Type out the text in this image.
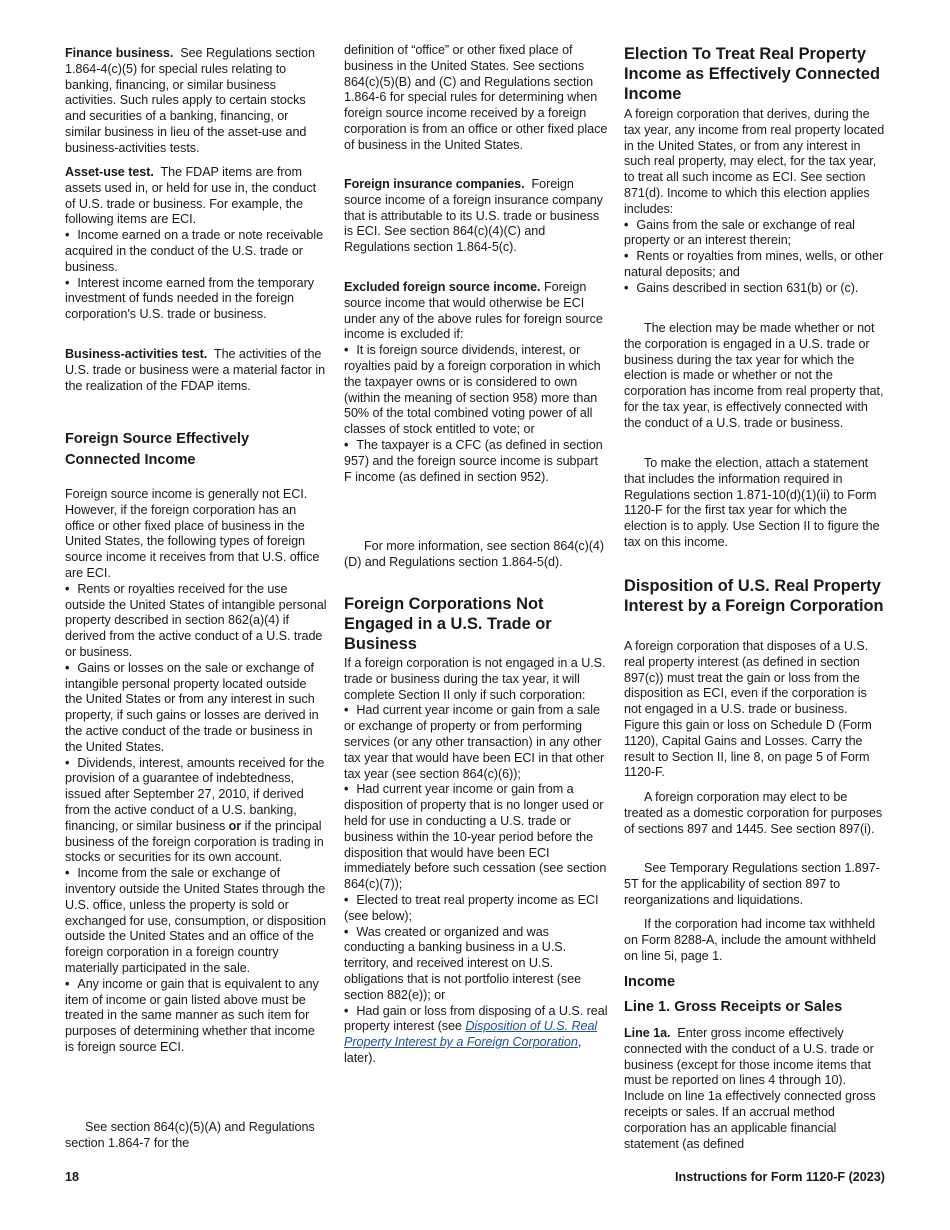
Finance business. See Regulations section 1.864-4(c)(5) for special rules relating to banking, financing, or similar business activities. Such rules apply to certain stocks and securities of a banking, financing, or similar business in lieu of the asset-use and business-activities tests.

Asset-use test. The FDAP items are from assets used in, or held for use in, the conduct of U.S. trade or business. For example, the following items are ECI.
• Income earned on a trade or note receivable acquired in the conduct of the U.S. trade or business.
• Interest income earned from the temporary investment of funds needed in the foreign corporation's U.S. trade or business.

Business-activities test. The activities of the U.S. trade or business were a material factor in the realization of the FDAP items.

Foreign Source Effectively Connected Income

Foreign source income is generally not ECI. However, if the foreign corporation has an office or other fixed place of business in the United States, the following types of foreign source income it receives from that U.S. office are ECI.
• Rents or royalties received for the use outside the United States of intangible personal property described in section 862(a)(4) if derived from the active conduct of a U.S. trade or business.
• Gains or losses on the sale or exchange of intangible personal property located outside the United States or from any interest in such property, if such gains or losses are derived in the active conduct of the trade or business in the United States.
• Dividends, interest, amounts received for the provision of a guarantee of indebtedness, issued after September 27, 2010, if derived from the active conduct of a U.S. banking, financing, or similar business or if the principal business of the foreign corporation is trading in stocks or securities for its own account.
• Income from the sale or exchange of inventory outside the United States through the U.S. office, unless the property is sold or exchanged for use, consumption, or disposition outside the United States and an office of the foreign corporation in a foreign country materially participated in the sale.
• Any income or gain that is equivalent to any item of income or gain listed above must be treated in the same manner as such item for purposes of determining whether that income is foreign source ECI.

See section 864(c)(5)(A) and Regulations section 1.864-7 for the

definition of “office” or other fixed place of business in the United States. See sections 864(c)(5)(B) and (C) and Regulations section 1.864-6 for special rules for determining when foreign source income received by a foreign corporation is from an office or other fixed place of business in the United States.

Foreign insurance companies. Foreign source income of a foreign insurance company that is attributable to its U.S. trade or business is ECI. See section 864(c)(4)(C) and Regulations section 1.864-5(c).

Excluded foreign source income. Foreign source income that would otherwise be ECI under any of the above rules for foreign source income is excluded if:
• It is foreign source dividends, interest, or royalties paid by a foreign corporation in which the taxpayer owns or is considered to own (within the meaning of section 958) more than 50% of the total combined voting power of all classes of stock entitled to vote; or
• The taxpayer is a CFC (as defined in section 957) and the foreign source income is subpart F income (as defined in section 952).

For more information, see section 864(c)(4)(D) and Regulations section 1.864-5(d).

Foreign Corporations Not Engaged in a U.S. Trade or Business

If a foreign corporation is not engaged in a U.S. trade or business during the tax year, it will complete Section II only if such corporation:
• Had current year income or gain from a sale or exchange of property or from performing services (or any other transaction) in any other tax year that would have been ECI in that other tax year (see section 864(c)(6));
• Had current year income or gain from a disposition of property that is no longer used or held for use in conducting a U.S. trade or business within the 10-year period before the disposition that would have been ECI immediately before such cessation (see section 864(c)(7));
• Elected to treat real property income as ECI (see below);
• Was created or organized and was conducting a banking business in a U.S. territory, and received interest on U.S. obligations that is not portfolio interest (see section 882(e)); or
• Had gain or loss from disposing of a U.S. real property interest (see Disposition of U.S. Real Property Interest by a Foreign Corporation, later).

Election To Treat Real Property Income as Effectively Connected Income

A foreign corporation that derives, during the tax year, any income from real property located in the United States, or from any interest in such real property, may elect, for the tax year, to treat all such income as ECI. See section 871(d). Income to which this election applies includes:
• Gains from the sale or exchange of real property or an interest therein;
• Rents or royalties from mines, wells, or other natural deposits; and
• Gains described in section 631(b) or (c).

The election may be made whether or not the corporation is engaged in a U.S. trade or business during the tax year for which the election is made or whether or not the corporation has income from real property that, for the tax year, is effectively connected with the conduct of a U.S. trade or business.

To make the election, attach a statement that includes the information required in Regulations section 1.871-10(d)(1)(ii) to Form 1120-F for the first tax year for which the election is to apply. Use Section II to figure the tax on this income.

Disposition of U.S. Real Property Interest by a Foreign Corporation

A foreign corporation that disposes of a U.S. real property interest (as defined in section 897(c)) must treat the gain or loss from the disposition as ECI, even if the corporation is not engaged in a U.S. trade or business. Figure this gain or loss on Schedule D (Form 1120), Capital Gains and Losses. Carry the result to Section II, line 8, on page 5 of Form 1120-F.

A foreign corporation may elect to be treated as a domestic corporation for purposes of sections 897 and 1445. See section 897(i).

See Temporary Regulations section 1.897-5T for the applicability of section 897 to reorganizations and liquidations.

If the corporation had income tax withheld on Form 8288-A, include the amount withheld on line 5i, page 1.

Income
Line 1. Gross Receipts or Sales

Line 1a. Enter gross income effectively connected with the conduct of a U.S. trade or business (except for those income items that must be reported on lines 4 through 10). Include on line 1a effectively connected gross receipts or sales. If an accrual method corporation has an applicable financial statement (as defined

18	Instructions for Form 1120-F (2023)
